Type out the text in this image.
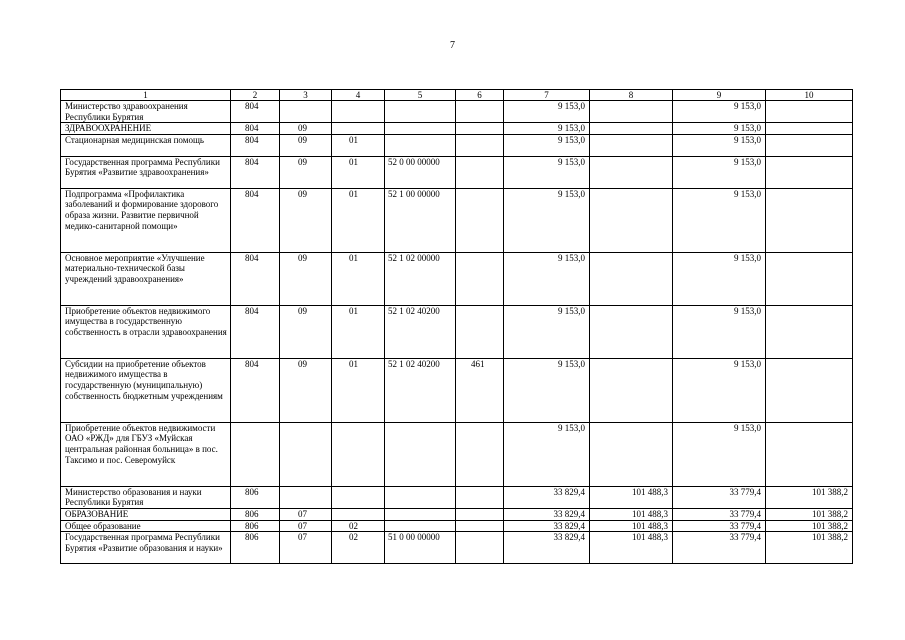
7
1	2	3	4	5	6	7	8	9	10
Министерство здравоохранения Республики Бурятия	804					9 153,0		9 153,0	
ЗДРАВООХРАНЕНИЕ	804	09				9 153,0		9 153,0	
Стационарная медицинская помощь	804	09	01			9 153,0		9 153,0	
Государственная программа Республики Бурятия «Развитие здравоохранения»	804	09	01	52 0 00 00000		9 153,0		9 153,0	
Подпрограмма «Профилактика заболеваний и формирование здорового образа жизни. Развитие первичной медико-санитарной помощи»	804	09	01	52 1 00 00000		9 153,0		9 153,0	
Основное мероприятие «Улучшение материально-технической базы учреждений здравоохранения»	804	09	01	52 1 02 00000		9 153,0		9 153,0	
Приобретение объектов недвижимого имущества в государственную собственность в отрасли здравоохранения	804	09	01	52 1 02 40200		9 153,0		9 153,0	
Субсидии на приобретение объектов недвижимого имущества в государственную (муниципальную) собственность бюджетным учреждениям	804	09	01	52 1 02 40200	461	9 153,0		9 153,0	
Приобретение объектов недвижимости ОАО «РЖД» для ГБУЗ «Муйская центральная районная больница» в пос. Таксимо и пос. Северомуйск						9 153,0		9 153,0	
Министерство образования и науки Республики Бурятия	806					33 829,4	101 488,3	33 779,4	101 388,2
ОБРАЗОВАНИЕ	806	07				33 829,4	101 488,3	33 779,4	101 388,2
Общее образование	806	07	02			33 829,4	101 488,3	33 779,4	101 388,2
Государственная программа Республики Бурятия «Развитие образования и науки»	806	07	02	51 0 00 00000		33 829,4	101 488,3	33 779,4	101 388,2
